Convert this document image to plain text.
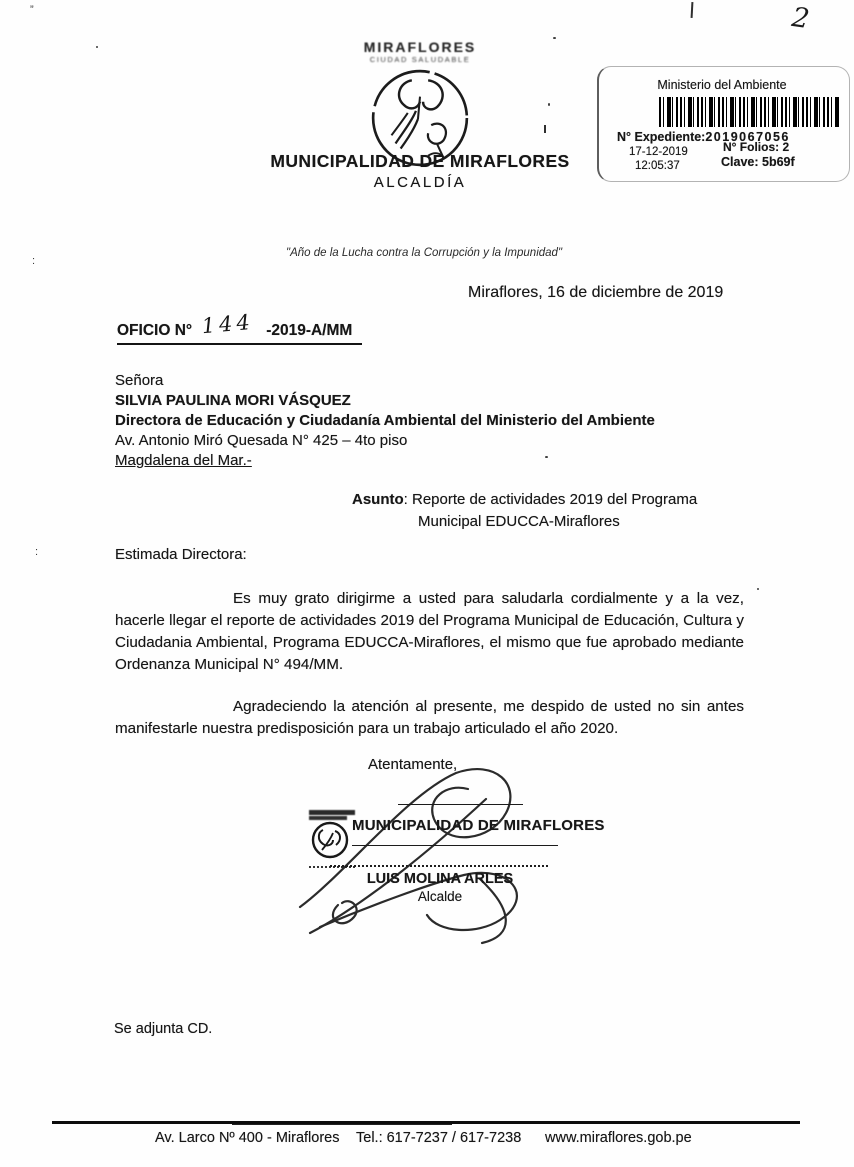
MIRAFLORES
CIUDAD SALUDABLE
MUNICIPALIDAD DE MIRAFLORES
ALCALDÍA
Ministerio del Ambiente
N° Expediente:2019067056
17-12-2019
12:05:37
N° Folios: 2
Clave: 5b69f
"Año de la Lucha contra la Corrupción y la Impunidad"
Miraflores, 16 de diciembre de 2019
OFICIO N° 144 -2019-A/MM
Señora
SILVIA PAULINA MORI VÁSQUEZ
Directora de Educación y Ciudadanía Ambiental del Ministerio del Ambiente
Av. Antonio Miró Quesada N° 425 – 4to piso
Magdalena del Mar.-
Asunto: Reporte de actividades 2019 del Programa
Municipal EDUCCA-Miraflores
Estimada Directora:
Es muy grato dirigirme a usted para saludarla cordialmente y a la vez, hacerle llegar el reporte de actividades 2019 del Programa Municipal de Educación, Cultura y Ciudadania Ambiental, Programa EDUCCA-Miraflores, el mismo que fue aprobado mediante Ordenanza Municipal N° 494/MM.
Agradeciendo la atención al presente, me despido de usted no sin antes manifestarle nuestra predisposición para un trabajo articulado el año 2020.
Atentamente,
MUNICIPALIDAD DE MIRAFLORES
LUIS MOLINA ARLES
Alcalde
Se adjunta CD.
Av. Larco Nº 400 - Miraflores Tel.: 617-7237 / 617-7238 www.miraflores.gob.pe
2
”
:
:
